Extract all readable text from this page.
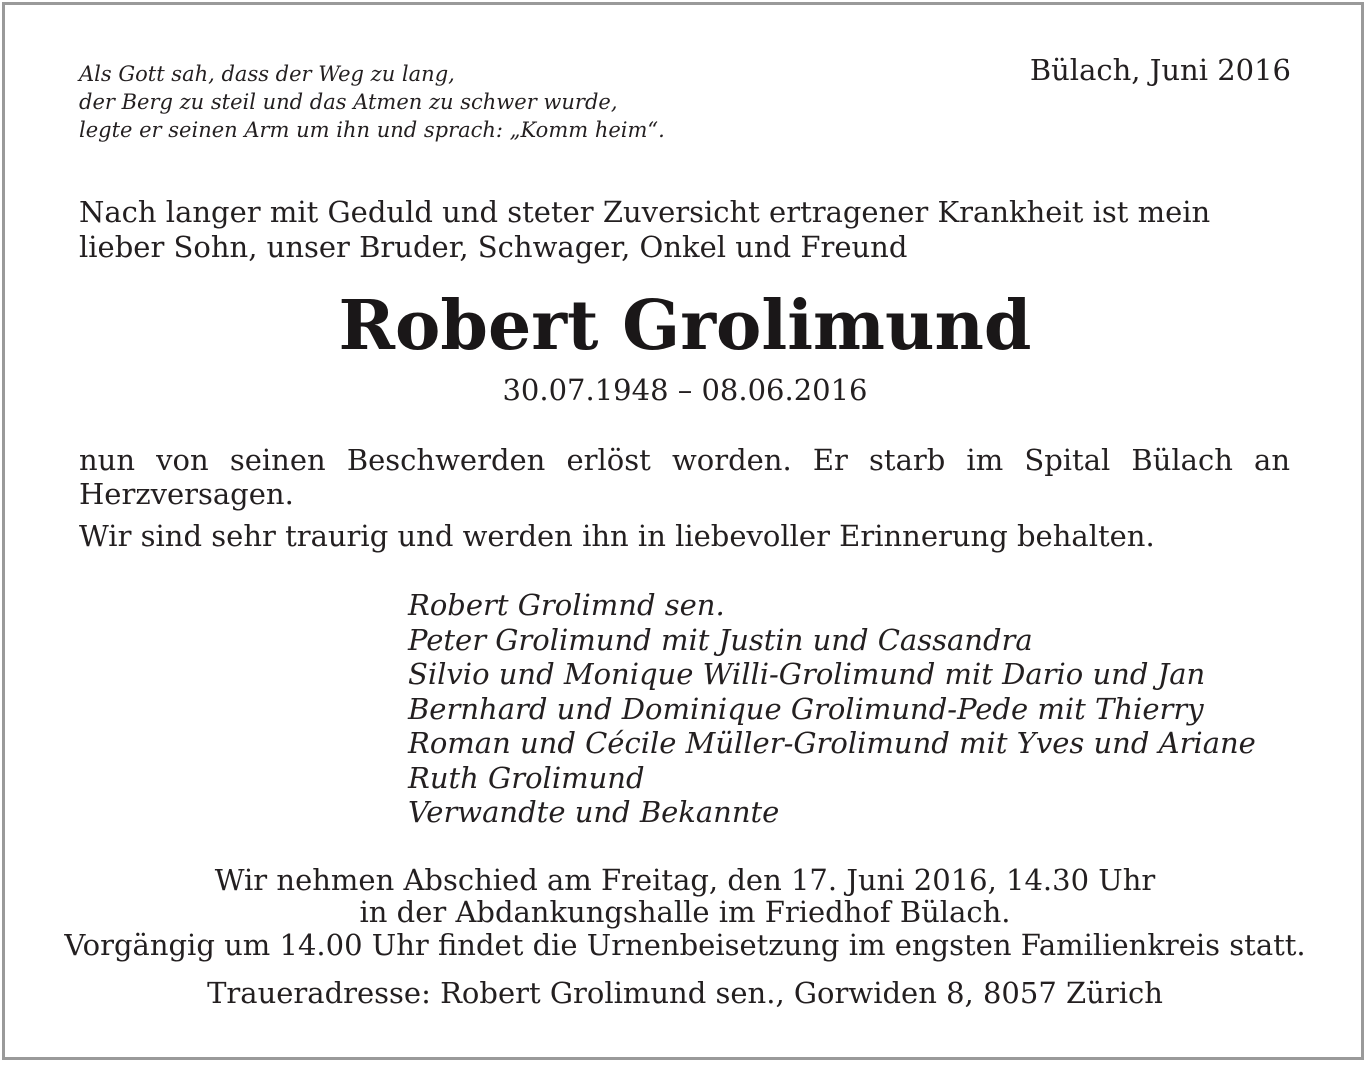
Als Gott sah, dass der Weg zu lang,
der Berg zu steil und das Atmen zu schwer wurde,
legte er seinen Arm um ihn und sprach: „Komm heim“.
Bülach, Juni 2016
Nach langer mit Geduld und steter Zuversicht ertragener Krankheit ist mein lieber Sohn, unser Bruder, Schwager, Onkel und Freund
Robert Grolimund
30.07.1948 – 08.06.2016
nun von seinen Beschwerden erlöst worden. Er starb im Spital Bülach an Herzversagen.
Wir sind sehr traurig und werden ihn in liebevoller Erinnerung behalten.
Robert Grolimnd sen.
Peter Grolimund mit Justin und Cassandra
Silvio und Monique Willi-Grolimund mit Dario und Jan
Bernhard und Dominique Grolimund-Pede mit Thierry
Roman und Cécile Müller-Grolimund mit Yves und Ariane
Ruth Grolimund
Verwandte und Bekannte
Wir nehmen Abschied am Freitag, den 17. Juni 2016, 14.30 Uhr
in der Abdankungshalle im Friedhof Bülach.
Vorgängig um 14.00 Uhr findet die Urnenbeisetzung im engsten Familienkreis statt.
Traueradresse: Robert Grolimund sen., Gorwiden 8, 8057 Zürich
